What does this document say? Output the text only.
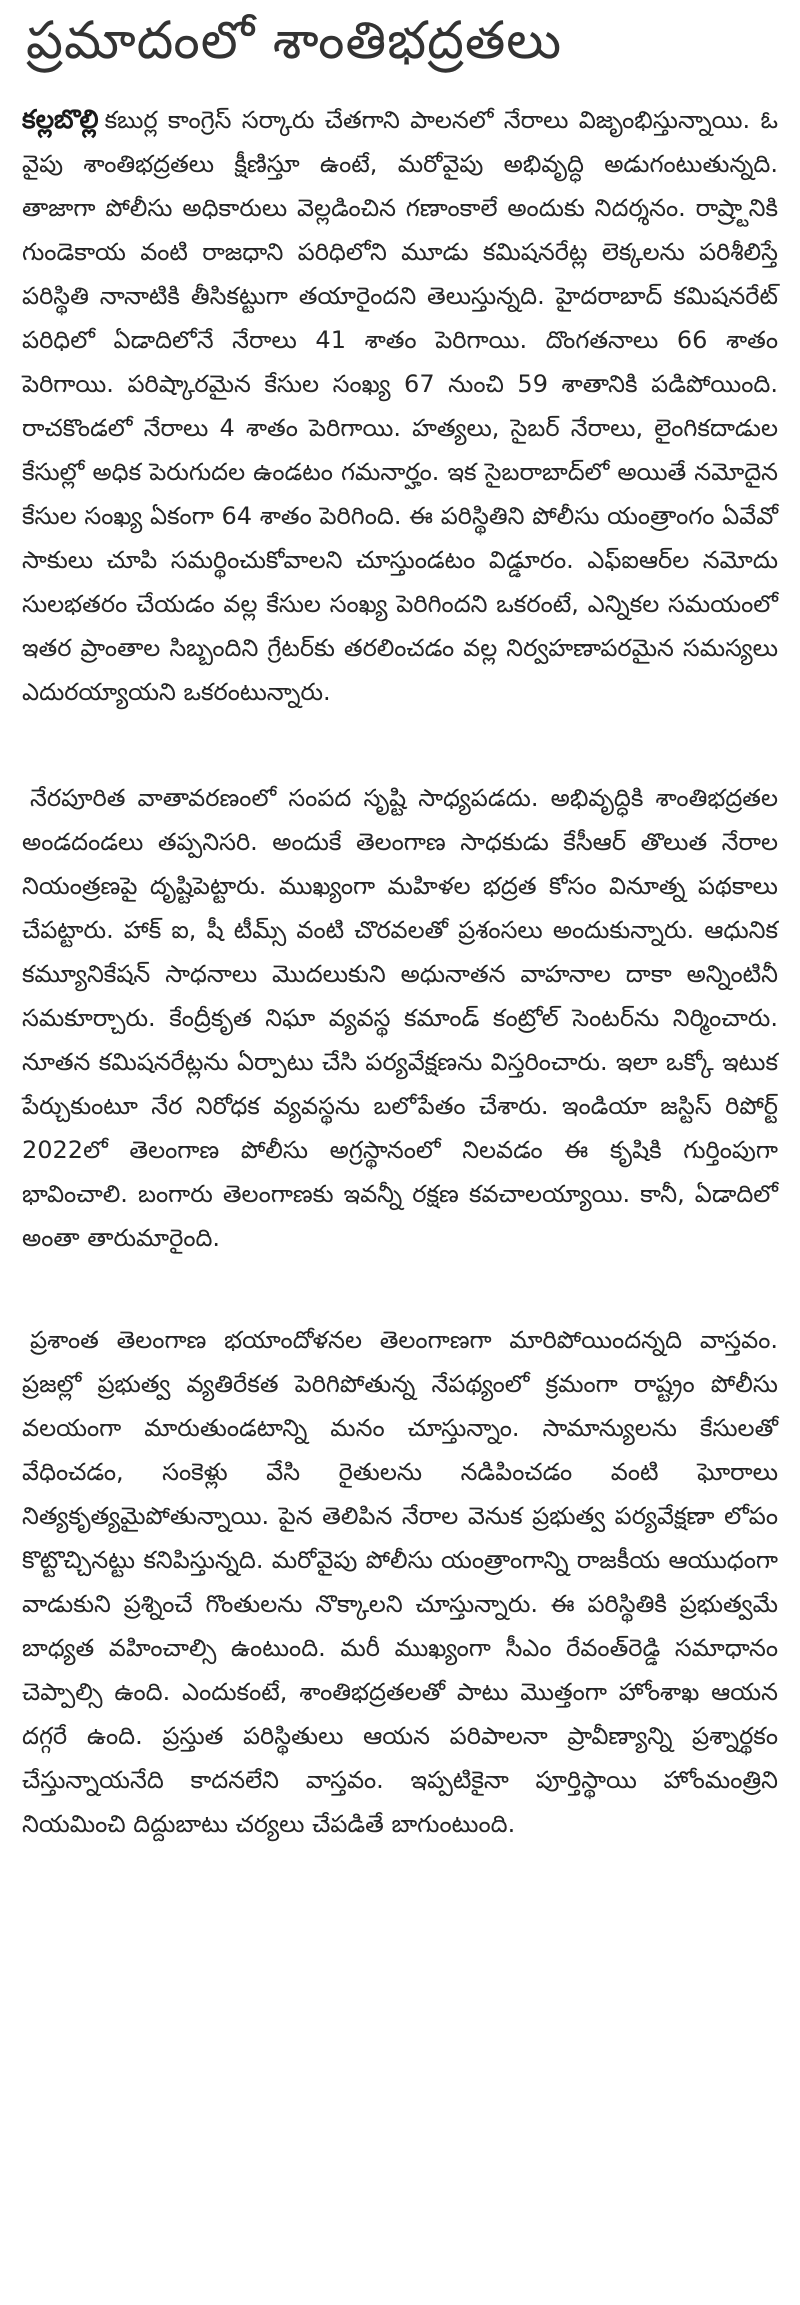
ప్రమాదంలో శాంతిభద్రతలు

కల్లబొల్లి కబుర్ల కాంగ్రెస్ సర్కారు చేతగాని పాలనలో నేరాలు విజృంభిస్తున్నాయి. ఓ వైపు శాంతిభద్రతలు క్షీణిస్తూ ఉంటే, మరోవైపు అభివృద్ధి అడుగంటుతున్నది. తాజాగా పోలీసు అధికారులు వెల్లడించిన గణాంకాలే అందుకు నిదర్శనం. రాష్ర్టానికి గుండెకాయ వంటి రాజధాని పరిధిలోని మూడు కమిషనరేట్ల లెక్కలను పరిశీలిస్తే పరిస్థితి నానాటికి తీసికట్టుగా తయారైందని తెలుస్తున్నది. హైదరాబాద్ కమిషనరేట్ పరిధిలో ఏడాదిలోనే నేరాలు 41 శాతం పెరిగాయి. దొంగతనాలు 66 శాతం పెరిగాయి. పరిష్కారమైన కేసుల సంఖ్య 67 నుంచి 59 శాతానికి పడిపోయింది. రాచకొండలో నేరాలు 4 శాతం పెరిగాయి. హత్యలు, సైబర్ నేరాలు, లైంగికదాడుల కేసుల్లో అధిక పెరుగుదల ఉండటం గమనార్హం. ఇక సైబరాబాద్‌లో అయితే నమోదైన కేసుల సంఖ్య ఏకంగా 64 శాతం పెరిగింది. ఈ పరిస్థితిని పోలీసు యంత్రాంగం ఏవేవో సాకులు చూపి సమర్థించుకోవాలని చూస్తుండటం విడ్డూరం. ఎఫ్ఐఆర్‌ల నమోదు సులభతరం చేయడం వల్ల కేసుల సంఖ్య పెరిగిందని ఒకరంటే, ఎన్నికల సమయంలో ఇతర ప్రాంతాల సిబ్బందిని గ్రేటర్‌కు తరలించడం వల్ల నిర్వహణాపరమైన సమస్యలు ఎదురయ్యాయని ఒకరంటున్నారు.

నేరపూరిత వాతావరణంలో సంపద సృష్టి సాధ్యపడదు. అభివృద్ధికి శాంతిభద్రతల అండదండలు తప్పనిసరి. అందుకే తెలంగాణ సాధకుడు కేసీఆర్ తొలుత నేరాల నియంత్రణపై దృష్టిపెట్టారు. ముఖ్యంగా మహిళల భద్రత కోసం వినూత్న పథకాలు చేపట్టారు. హాక్ ఐ, షీ టీమ్స్ వంటి చొరవలతో ప్రశంసలు అందుకున్నారు. ఆధునిక కమ్యూనికేషన్ సాధనాలు మొదలుకుని అధునాతన వాహనాల దాకా అన్నింటినీ సమకూర్చారు. కేంద్రీకృత నిఘా వ్యవస్థ కమాండ్ కంట్రోల్ సెంటర్‌ను నిర్మించారు. నూతన కమిషనరేట్లను ఏర్పాటు చేసి పర్యవేక్షణను విస్తరించారు. ఇలా ఒక్కో ఇటుక పేర్చుకుంటూ నేర నిరోధక వ్యవస్థను బలోపేతం చేశారు. ఇండియా జస్టిస్ రిపోర్ట్ 2022లో తెలంగాణ పోలీసు అగ్రస్థానంలో నిలవడం ఈ కృషికి గుర్తింపుగా భావించాలి. బంగారు తెలంగాణకు ఇవన్నీ రక్షణ కవచాలయ్యాయి. కానీ, ఏడాదిలో అంతా తారుమారైంది.

ప్రశాంత తెలంగాణ భయాందోళనల తెలంగాణగా మారిపోయిందన్నది వాస్తవం. ప్రజల్లో ప్రభుత్వ వ్యతిరేకత పెరిగిపోతున్న నేపథ్యంలో క్రమంగా రాష్ట్రం పోలీసు వలయంగా మారుతుండటాన్ని మనం చూస్తున్నాం. సామాన్యులను కేసులతో వేధించడం, సంకెళ్లు వేసి రైతులను నడిపించడం వంటి ఘోరాలు నిత్యకృత్యమైపోతున్నాయి. పైన తెలిపిన నేరాల వెనుక ప్రభుత్వ పర్యవేక్షణా లోపం కొట్టొచ్చినట్టు కనిపిస్తున్నది. మరోవైపు పోలీసు యంత్రాంగాన్ని రాజకీయ ఆయుధంగా వాడుకుని ప్రశ్నించే గొంతులను నొక్కాలని చూస్తున్నారు. ఈ పరిస్థితికి ప్రభుత్వమే బాధ్యత వహించాల్సి ఉంటుంది. మరీ ముఖ్యంగా సీఎం రేవంత్‌రెడ్డి సమాధానం చెప్పాల్సి ఉంది. ఎందుకంటే, శాంతిభద్రతలతో పాటు మొత్తంగా హోంశాఖ ఆయన దగ్గరే ఉంది. ప్రస్తుత పరిస్థితులు ఆయన పరిపాలనా ప్రావీణ్యాన్ని ప్రశ్నార్థకం చేస్తున్నాయనేది కాదనలేని వాస్తవం. ఇప్పటికైనా పూర్తిస్థాయి హోంమంత్రిని నియమించి దిద్దుబాటు చర్యలు చేపడితే బాగుంటుంది.
